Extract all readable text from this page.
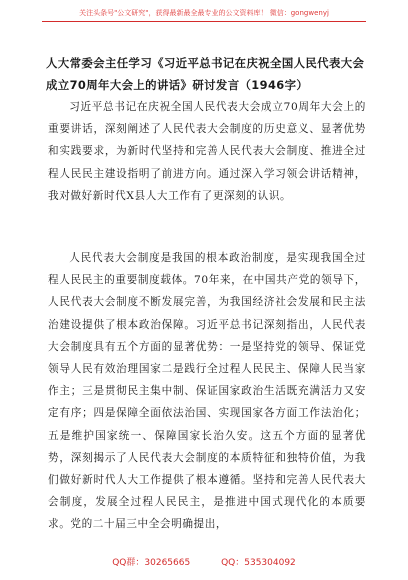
关注头条号"公文研究"，获得最新最全最专业的公文资料库！ 微信：gongwenyj
人大常委会主任学习《习近平总书记在庆祝全国人民代表大会成立70周年大会上的讲话》研讨发言（1946字）

习近平总书记在庆祝全国人民代表大会成立70周年大会上的重要讲话，深刻阐述了人民代表大会制度的历史意义、显著优势和实践要求，为新时代坚持和完善人民代表大会制度、推进全过程人民民主建设指明了前进方向。通过深入学习领会讲话精神，我对做好新时代X县人大工作有了更深刻的认识。

人民代表大会制度是我国的根本政治制度，是实现我国全过程人民民主的重要制度载体。70年来，在中国共产党的领导下，人民代表大会制度不断发展完善，为我国经济社会发展和民主法治建设提供了根本政治保障。习近平总书记深刻指出，人民代表大会制度具有五个方面的显著优势：一是坚持党的领导、保证党领导人民有效治理国家二是践行全过程人民民主、保障人民当家作主；三是贯彻民主集中制、保证国家政治生活既充满活力又安定有序；四是保障全面依法治国、实现国家各方面工作法治化；五是维护国家统一、保障国家长治久安。这五个方面的显著优势，深刻揭示了人民代表大会制度的本质特征和独特价值，为我们做好新时代人大工作提供了根本遵循。坚持和完善人民代表大会制度，发展全过程人民民主，是推进中国式现代化的本质要求。党的二十届三中全会明确提出，

QQ群：30265665	QQ：535304092
